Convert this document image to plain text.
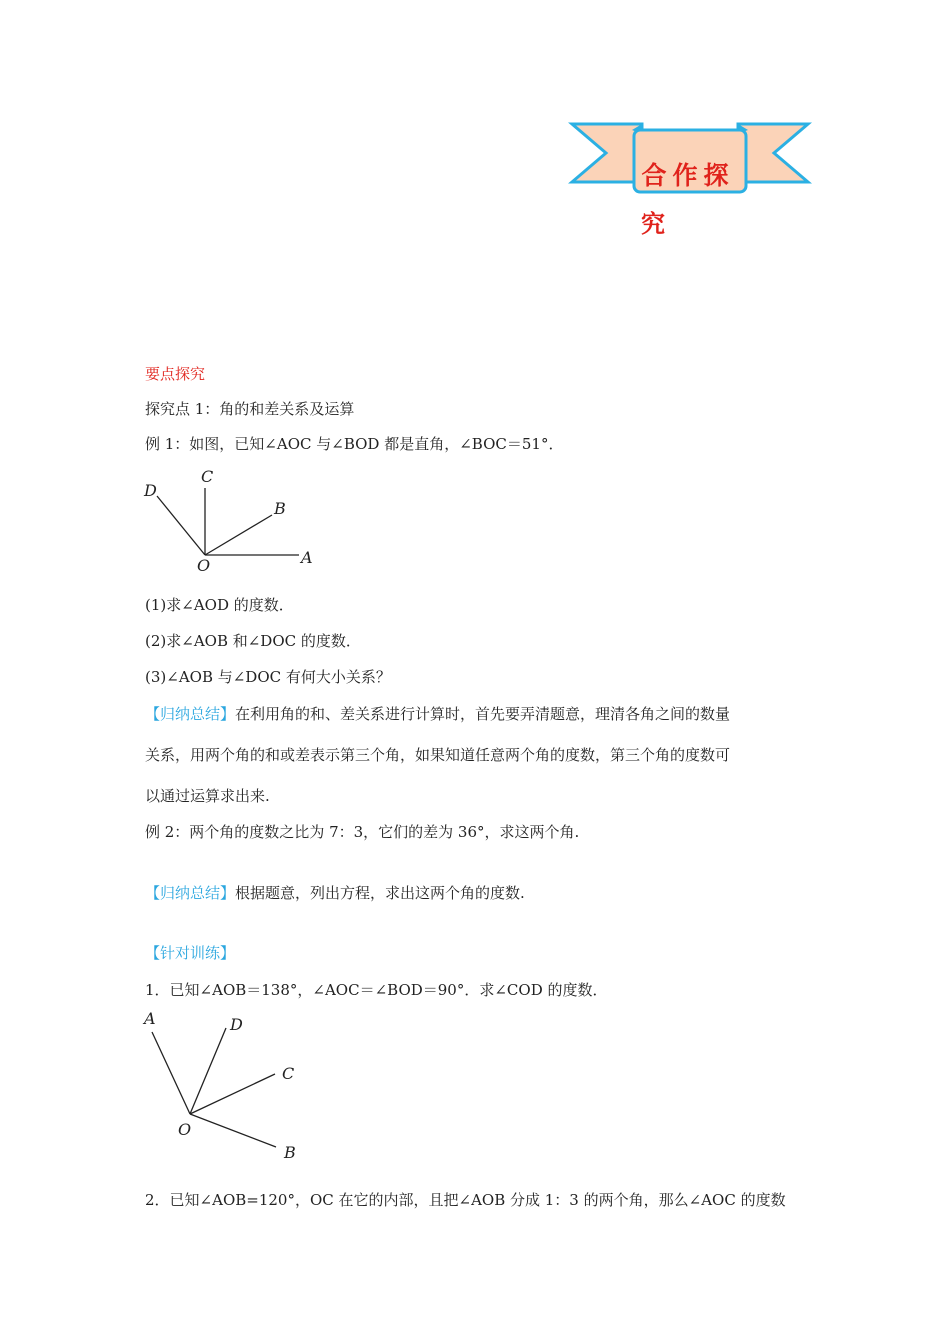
合作探
究
要点探究
探究点 1：角的和差关系及运算
例 1：如图，已知∠AOC 与∠BOD 都是直角，∠BOC＝51°．
D
C
B
A
O
(1)求∠AOD 的度数．
(2)求∠AOB 和∠DOC 的度数．
(3)∠AOB 与∠DOC 有何大小关系？
【归纳总结】在利用角的和、差关系进行计算时，首先要弄清题意，理清各角之间的数量
关系，用两个角的和或差表示第三个角，如果知道任意两个角的度数，第三个角的度数可
以通过运算求出来.
例 2：两个角的度数之比为 7：3，它们的差为 36°，求这两个角.
【归纳总结】根据题意，列出方程，求出这两个角的度数.
【针对训练】
1．已知∠AOB＝138°，∠AOC＝∠BOD＝90°．求∠COD 的度数．
A	D
C
O
B
2．已知∠AOB=120°，OC 在它的内部，且把∠AOB 分成 1：3 的两个角，那么∠AOC 的度数
